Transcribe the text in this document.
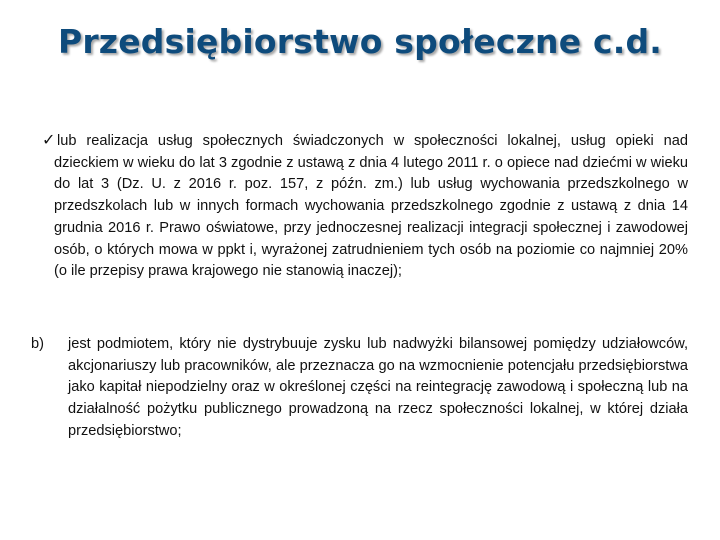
Przedsiębiorstwo społeczne c.d.
✓ lub realizacja usług społecznych świadczonych w społeczności lokalnej, usług opieki nad dzieckiem w wieku do lat 3 zgodnie z ustawą z dnia 4 lutego 2011 r. o opiece nad dziećmi w wieku do lat 3 (Dz. U. z 2016 r. poz. 157, z późn. zm.) lub usług wychowania przedszkolnego w przedszkolach lub w innych formach wychowania przedszkolnego zgodnie z ustawą z dnia 14 grudnia 2016 r. Prawo oświatowe, przy jednoczesnej realizacji integracji społecznej i zawodowej osób, o których mowa w ppkt i, wyrażonej zatrudnieniem tych osób na poziomie co najmniej 20% (o ile przepisy prawa krajowego nie stanowią inaczej);
b) jest podmiotem, który nie dystrybuuje zysku lub nadwyżki bilansowej pomiędzy udziałowców, akcjonariuszy lub pracowników, ale przeznacza go na wzmocnienie potencjału przedsiębiorstwa jako kapitał niepodzielny oraz w określonej części na reintegrację zawodową i społeczną lub na działalność pożytku publicznego prowadzoną na rzecz społeczności lokalnej, w której działa przedsiębiorstwo;
